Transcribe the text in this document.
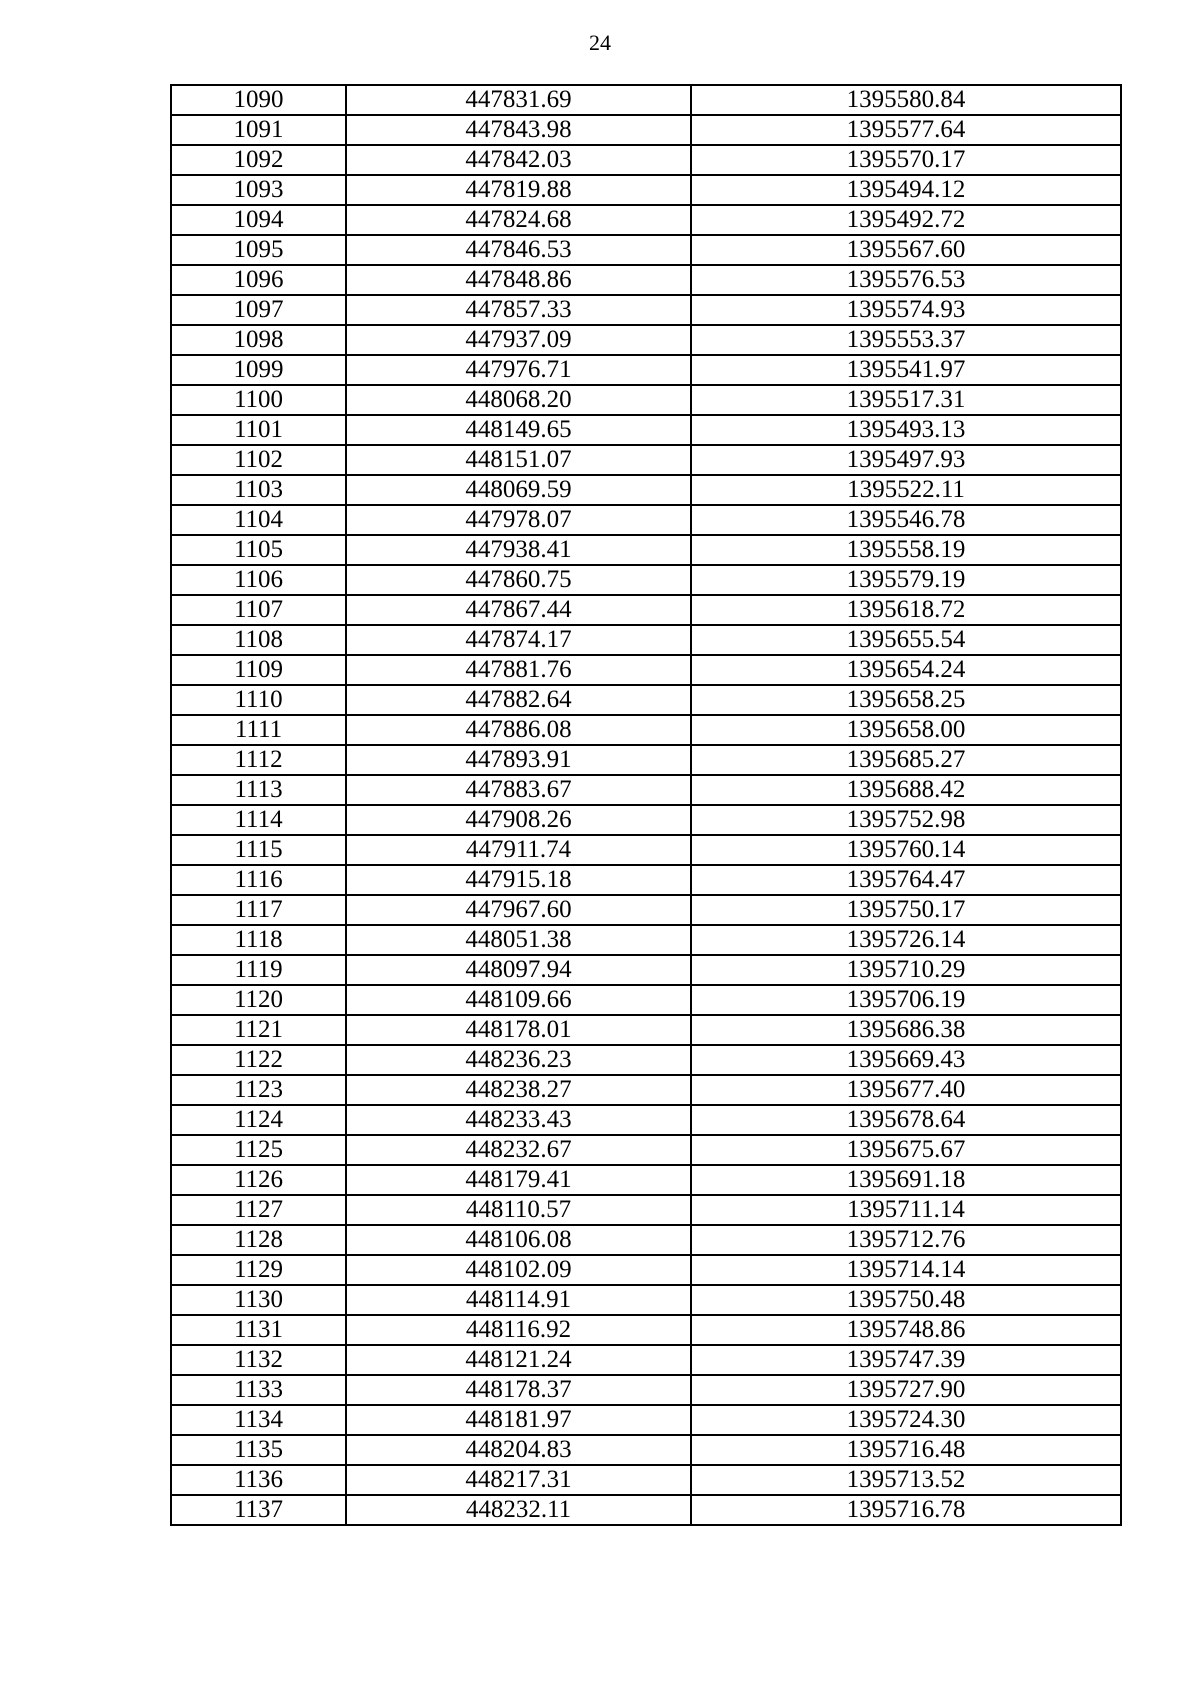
24
1090	447831.69	1395580.84
1091	447843.98	1395577.64
1092	447842.03	1395570.17
1093	447819.88	1395494.12
1094	447824.68	1395492.72
1095	447846.53	1395567.60
1096	447848.86	1395576.53
1097	447857.33	1395574.93
1098	447937.09	1395553.37
1099	447976.71	1395541.97
1100	448068.20	1395517.31
1101	448149.65	1395493.13
1102	448151.07	1395497.93
1103	448069.59	1395522.11
1104	447978.07	1395546.78
1105	447938.41	1395558.19
1106	447860.75	1395579.19
1107	447867.44	1395618.72
1108	447874.17	1395655.54
1109	447881.76	1395654.24
1110	447882.64	1395658.25
1111	447886.08	1395658.00
1112	447893.91	1395685.27
1113	447883.67	1395688.42
1114	447908.26	1395752.98
1115	447911.74	1395760.14
1116	447915.18	1395764.47
1117	447967.60	1395750.17
1118	448051.38	1395726.14
1119	448097.94	1395710.29
1120	448109.66	1395706.19
1121	448178.01	1395686.38
1122	448236.23	1395669.43
1123	448238.27	1395677.40
1124	448233.43	1395678.64
1125	448232.67	1395675.67
1126	448179.41	1395691.18
1127	448110.57	1395711.14
1128	448106.08	1395712.76
1129	448102.09	1395714.14
1130	448114.91	1395750.48
1131	448116.92	1395748.86
1132	448121.24	1395747.39
1133	448178.37	1395727.90
1134	448181.97	1395724.30
1135	448204.83	1395716.48
1136	448217.31	1395713.52
1137	448232.11	1395716.78
